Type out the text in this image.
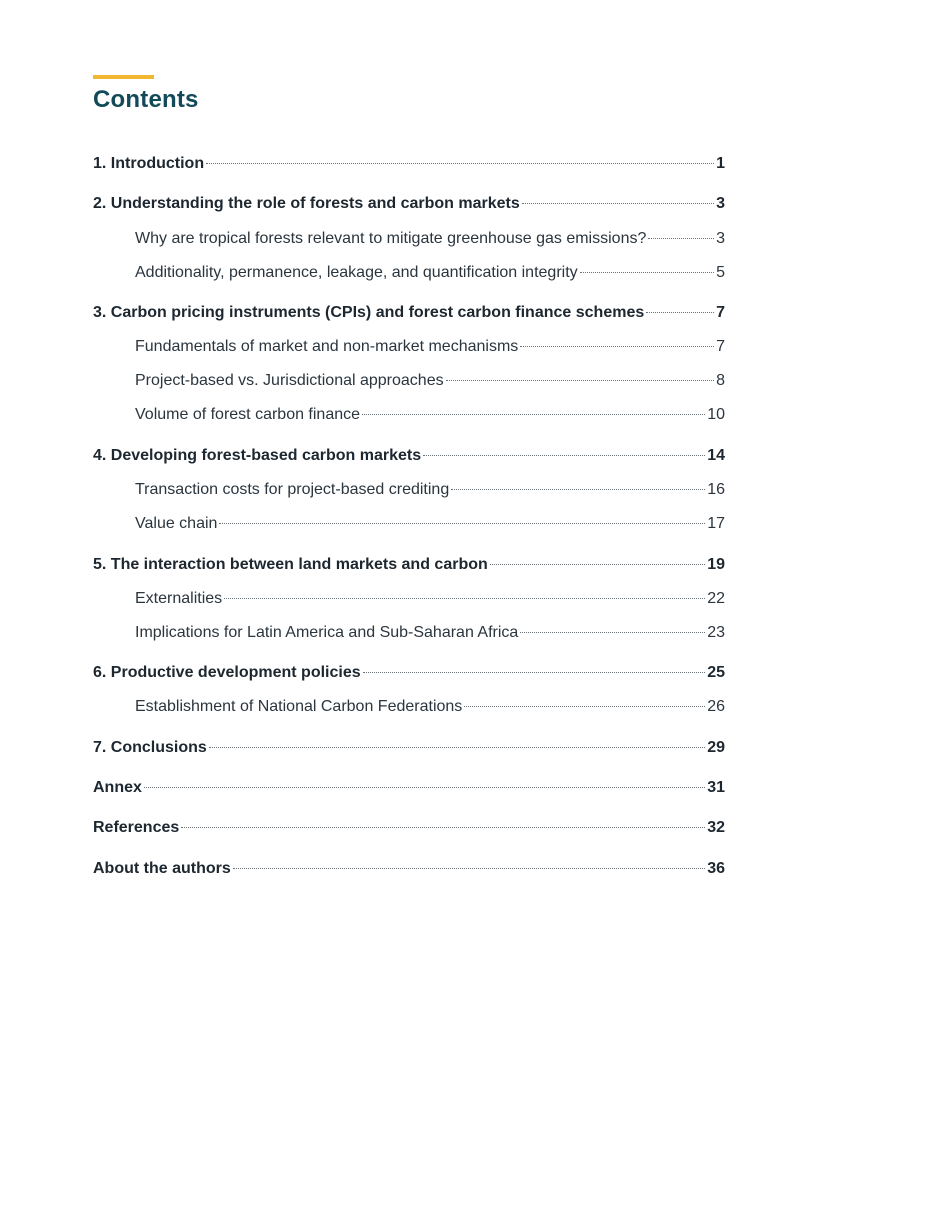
Contents
1. Introduction	1
2. Understanding the role of forests and carbon markets	3
Why are tropical forests relevant to mitigate greenhouse gas emissions?	3
Additionality, permanence, leakage, and quantification integrity	5
3. Carbon pricing instruments (CPIs) and forest carbon finance schemes	7
Fundamentals of market and non-market mechanisms	7
Project-based vs. Jurisdictional approaches	8
Volume of forest carbon finance	10
4. Developing forest-based carbon markets	14
Transaction costs for project-based crediting	16
Value chain	17
5. The interaction between land markets and carbon	19
Externalities	22
Implications for Latin America and Sub-Saharan Africa	23
6. Productive development policies	25
Establishment of National Carbon Federations	26
7. Conclusions	29
Annex	31
References	32
About the authors	36
